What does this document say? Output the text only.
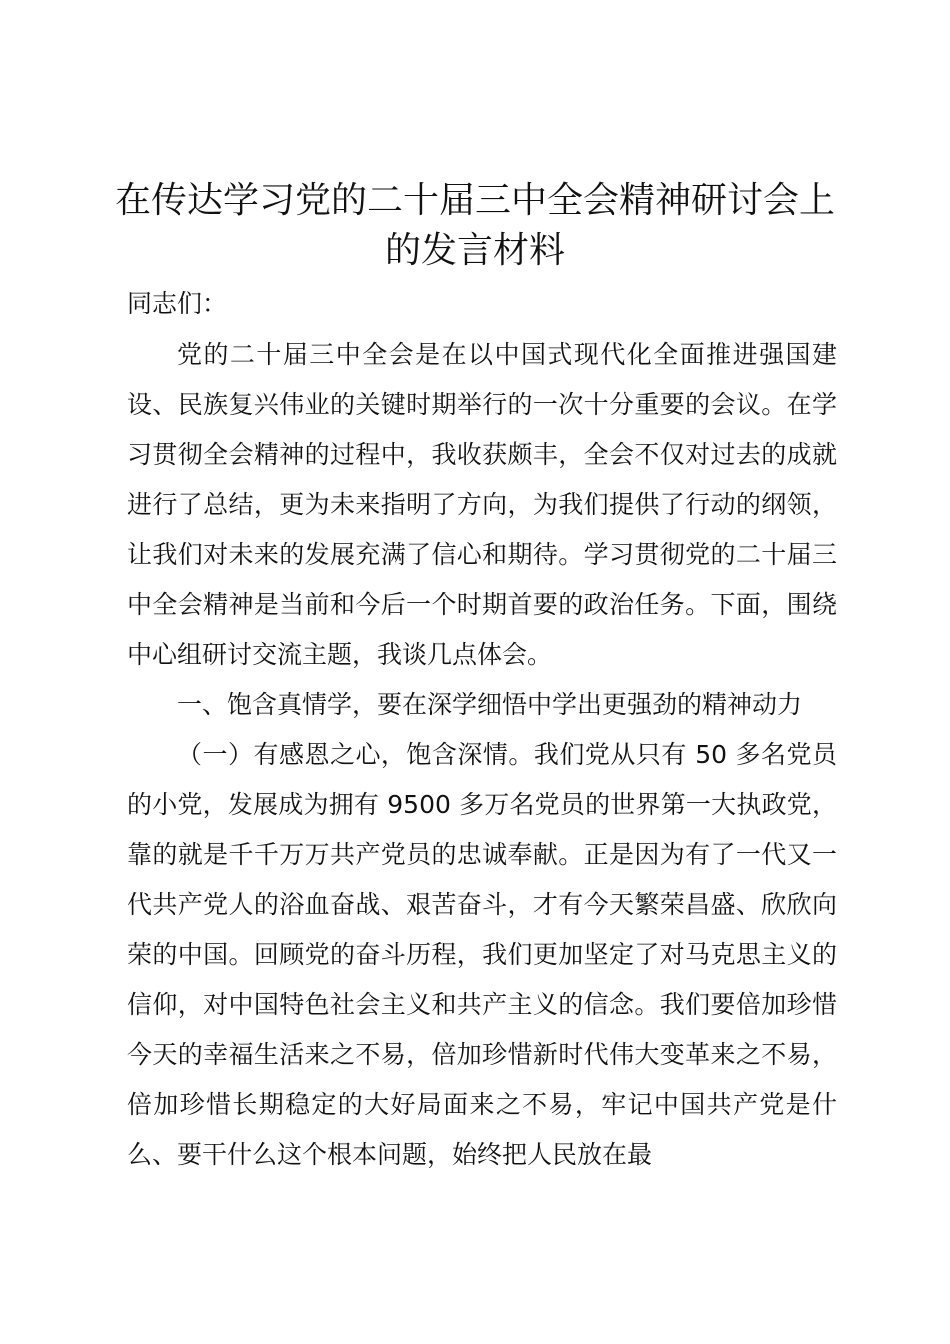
在传达学习党的二十届三中全会精神研讨会上
的发言材料

同志们：

党的二十届三中全会是在以中国式现代化全面推进强国建设、民族复兴伟业的关键时期举行的一次十分重要的会议。在学习贯彻全会精神的过程中，我收获颇丰，全会不仅对过去的成就进行了总结，更为未来指明了方向，为我们提供了行动的纲领，让我们对未来的发展充满了信心和期待。学习贯彻党的二十届三中全会精神是当前和今后一个时期首要的政治任务。下面，围绕中心组研讨交流主题，我谈几点体会。

一、饱含真情学，要在深学细悟中学出更强劲的精神动力

（一）有感恩之心，饱含深情。我们党从只有 50 多名党员的小党，发展成为拥有 9500 多万名党员的世界第一大执政党，靠的就是千千万万共产党员的忠诚奉献。正是因为有了一代又一代共产党人的浴血奋战、艰苦奋斗，才有今天繁荣昌盛、欣欣向荣的中国。回顾党的奋斗历程，我们更加坚定了对马克思主义的信仰，对中国特色社会主义和共产主义的信念。我们要倍加珍惜今天的幸福生活来之不易，倍加珍惜新时代伟大变革来之不易，倍加珍惜长期稳定的大好局面来之不易，牢记中国共产党是什么、要干什么这个根本问题，始终把人民放在最
